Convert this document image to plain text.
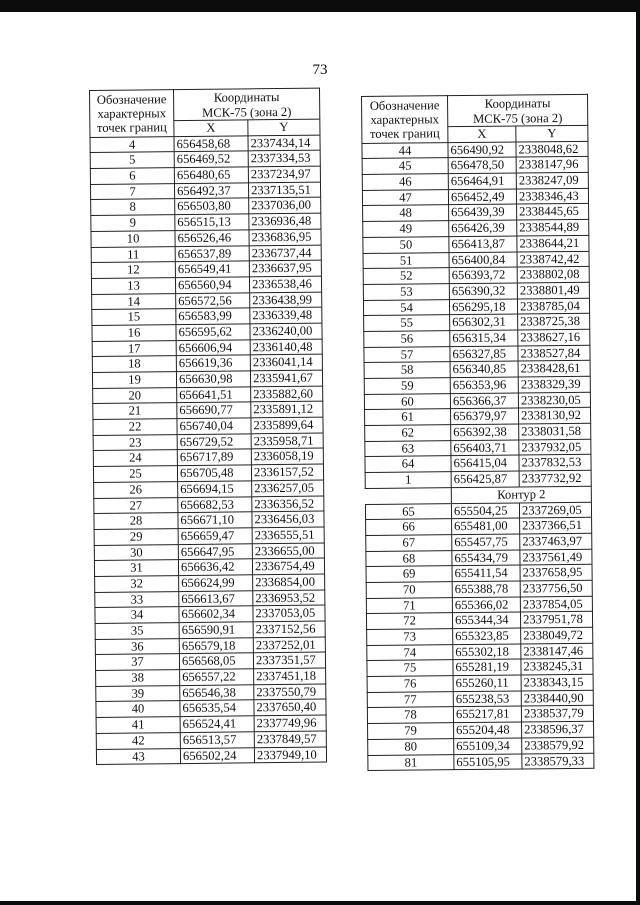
73
Обозначение характерных точек границ	Координаты	
	МСК-75 (зона 2)	
	X	Y
4	656458,68	2337434,14
5	656469,52	2337334,53
6	656480,65	2337234,97
7	656492,37	2337135,51
8	656503,80	2337036,00
9	656515,13	2336936,48
10	656526,46	2336836,95
11	656537,89	2336737,44
12	656549,41	2336637,95
13	656560,94	2336538,46
14	656572,56	2336438,99
15	656583,99	2336339,48
16	656595,62	2336240,00
17	656606,94	2336140,48
18	656619,36	2336041,14
19	656630,98	2335941,67
20	656641,51	2335882,60
21	656690,77	2335891,12
22	656740,04	2335899,64
23	656729,52	2335958,71
24	656717,89	2336058,19
25	656705,48	2336157,52
26	656694,15	2336257,05
27	656682,53	2336356,52
28	656671,10	2336456,03
29	656659,47	2336555,51
30	656647,95	2336655,00
31	656636,42	2336754,49
32	656624,99	2336854,00
33	656613,67	2336953,52
34	656602,34	2337053,05
35	656590,91	2337152,56
36	656579,18	2337252,01
37	656568,05	2337351,57
38	656557,22	2337451,18
39	656546,38	2337550,79
40	656535,54	2337650,40
41	656524,41	2337749,96
42	656513,57	2337849,57
43	656502,24	2337949,10
Обозначение характерных точек границ	Координаты	
	МСК-75 (зона 2)	
	X	Y
44	656490,92	2338048,62
45	656478,50	2338147,96
46	656464,91	2338247,09
47	656452,49	2338346,43
48	656439,39	2338445,65
49	656426,39	2338544,89
50	656413,87	2338644,21
51	656400,84	2338742,42
52	656393,72	2338802,08
53	656390,32	2338801,49
54	656295,18	2338785,04
55	656302,31	2338725,38
56	656315,34	2338627,16
57	656327,85	2338527,84
58	656340,85	2338428,61
59	656353,96	2338329,39
60	656366,37	2338230,05
61	656379,97	2338130,92
62	656392,38	2338031,58
63	656403,71	2337932,05
64	656415,04	2337832,53
1	656425,87	2337732,92
	Контур 2	
65	655504,25	2337269,05
66	655481,00	2337366,51
67	655457,75	2337463,97
68	655434,79	2337561,49
69	655411,54	2337658,95
70	655388,78	2337756,50
71	655366,02	2337854,05
72	655344,34	2337951,78
73	655323,85	2338049,72
74	655302,18	2338147,46
75	655281,19	2338245,31
76	655260,11	2338343,15
77	655238,53	2338440,90
78	655217,81	2338537,79
79	655204,48	2338596,37
80	655109,34	2338579,92
81	655105,95	2338579,33
